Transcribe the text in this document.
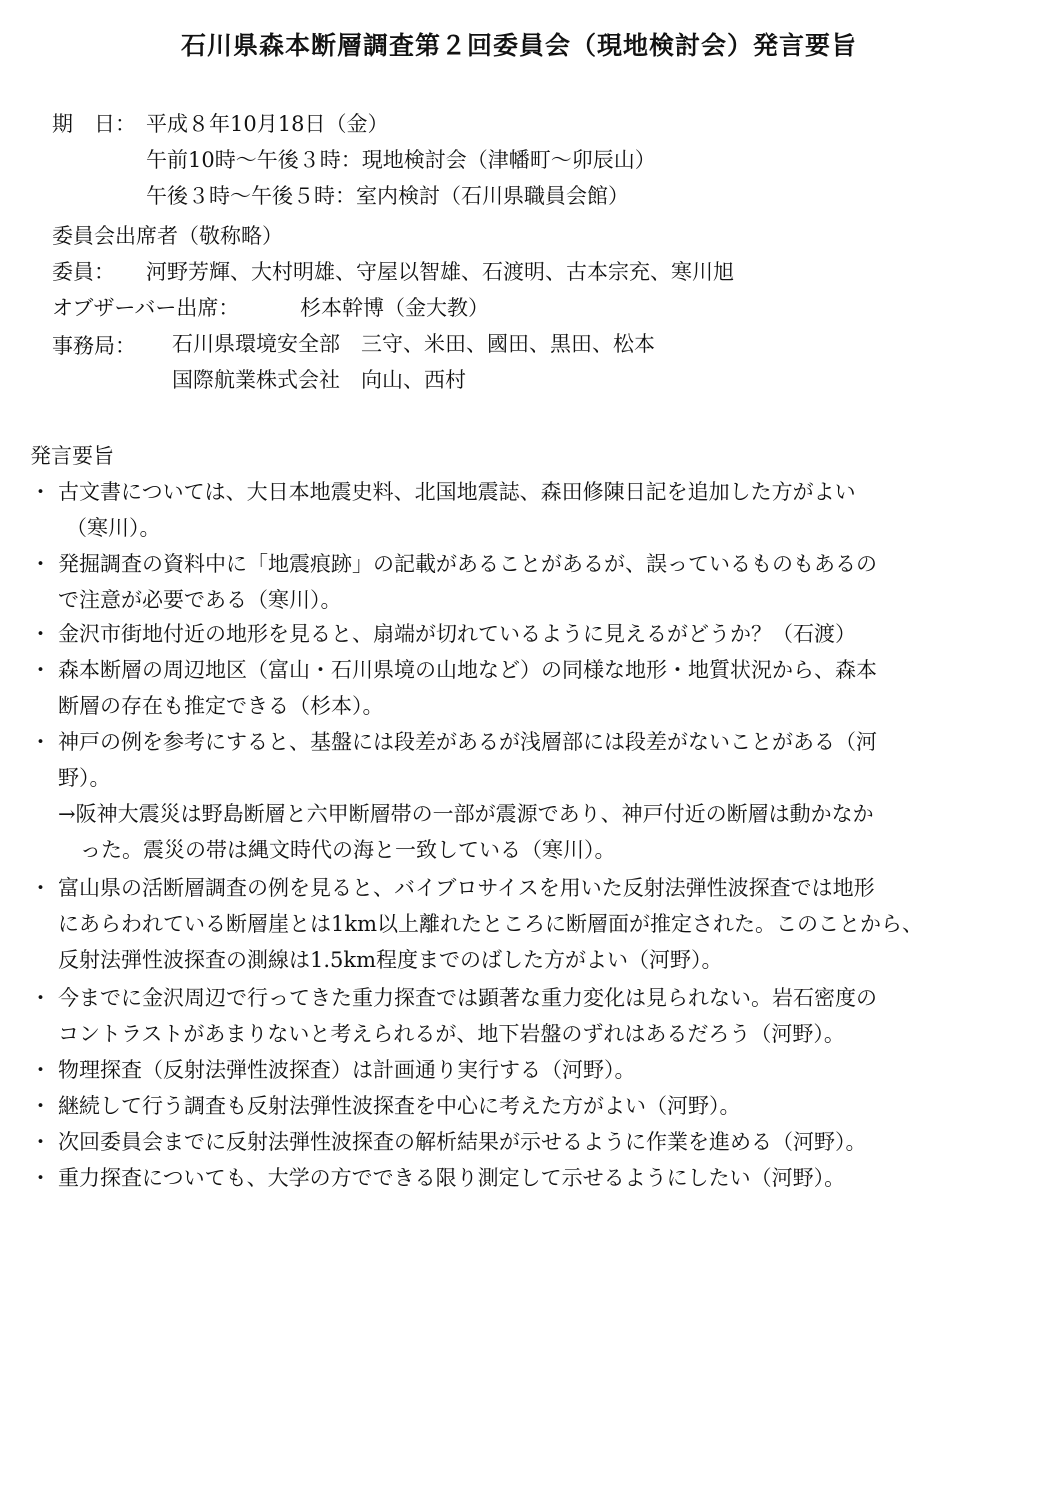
石川県森本断層調査第２回委員会（現地検討会）発言要旨
期　日： 平成８年10月18日（金）
午前10時～午後３時：現地検討会（津幡町～卯辰山）
午後３時～午後５時：室内検討（石川県職員会館）
委員会出席者（敬称略）
委員： 河野芳輝、大村明雄、守屋以智雄、石渡明、古本宗充、寒川旭
オブザーバー出席：	杉本幹博（金大教）
事務局： 石川県環境安全部　三守、米田、國田、黒田、松本
国際航業株式会社　向山、西村
発言要旨
・ 古文書については、大日本地震史料、北国地震誌、森田修陳日記を追加した方がよい
（寒川）。
・ 発掘調査の資料中に「地震痕跡」の記載があることがあるが、誤っているものもあるの
で注意が必要である（寒川）。
・ 金沢市街地付近の地形を見ると、扇端が切れているように見えるがどうか？（石渡）
・ 森本断層の周辺地区（富山・石川県境の山地など）の同様な地形・地質状況から、森本
断層の存在も推定できる（杉本）。
・ 神戸の例を参考にすると、基盤には段差があるが浅層部には段差がないことがある（河
野）。
→阪神大震災は野島断層と六甲断層帯の一部が震源であり、神戸付近の断層は動かなか
った。震災の帯は縄文時代の海と一致している（寒川）。
・ 富山県の活断層調査の例を見ると、バイブロサイスを用いた反射法弾性波探査では地形
にあらわれている断層崖とは1km以上離れたところに断層面が推定された。このことから、
反射法弾性波探査の測線は1.5km程度までのばした方がよい（河野）。
・ 今までに金沢周辺で行ってきた重力探査では顕著な重力変化は見られない。岩石密度の
コントラストがあまりないと考えられるが、地下岩盤のずれはあるだろう（河野）。
・ 物理探査（反射法弾性波探査）は計画通り実行する（河野）。
・ 継続して行う調査も反射法弾性波探査を中心に考えた方がよい（河野）。
・ 次回委員会までに反射法弾性波探査の解析結果が示せるように作業を進める（河野）。
・ 重力探査についても、大学の方でできる限り測定して示せるようにしたい（河野）。
